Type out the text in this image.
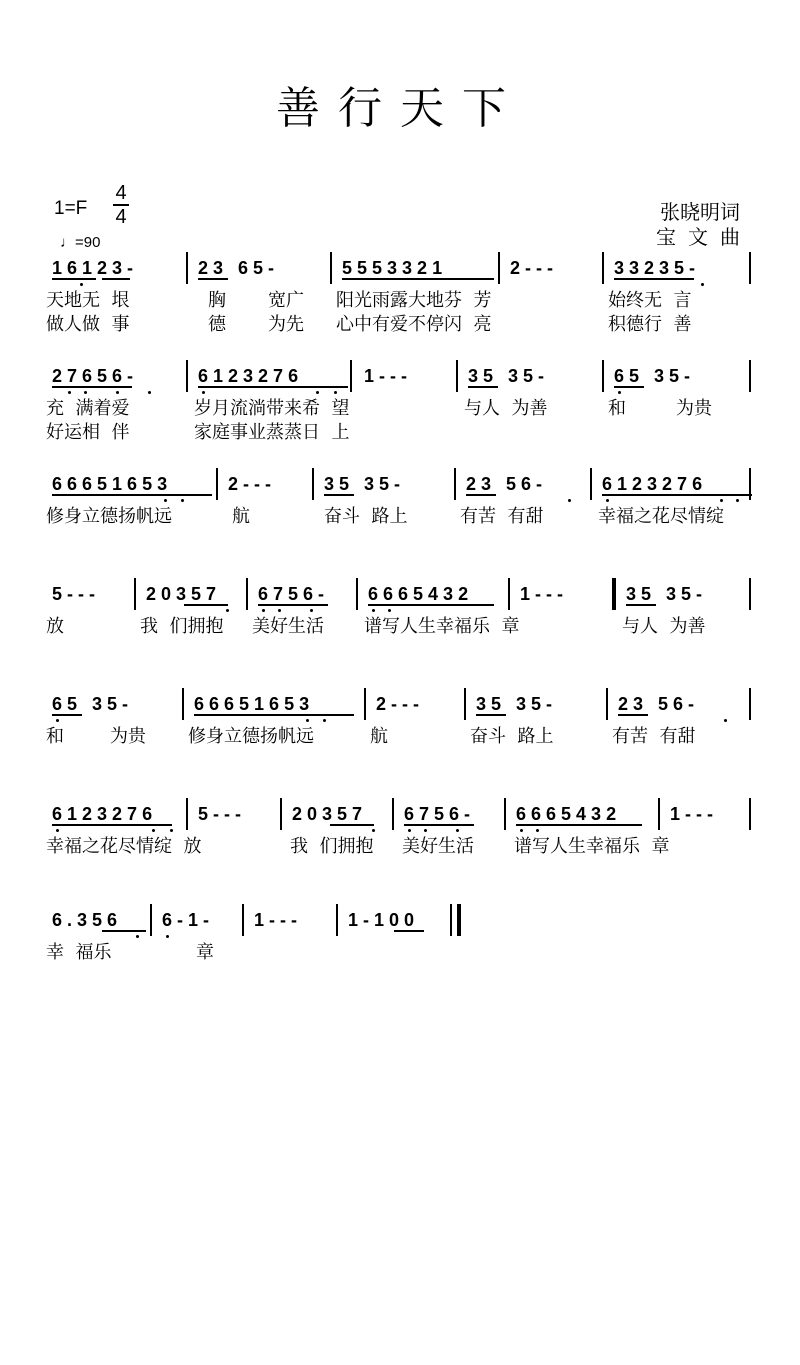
善行天下
1=F
4
4
♩=90
张晓明词
宝文曲

1 6 1 2 3 -

	2 3   6 5 -

	5 5 5 3 3 2 1

	2 - - -

	3 3 2 3 5 -

天地无  垠

	胸

宽广

阳光雨露大地芬  芳

	始终无  言

做人做  事

	德

为先

心中有爱不停闪  亮

	积德行  善

2 7 6 5 6 -

	6 1 2 3 2 7 6

	1 - - -

	3 5   3 5 -

	6 5   3 5 -

充  满着爱

	岁月流淌带来希  望

	与人  为善

	和

	为贵

好运相  伴

	家庭事业蒸蒸日  上

6 6 6 5 1 6 5 3

	2 - - -

	3 5   3 5 -

	2 3   5 6 -

	6 1 2 3 2 7 6

修身立德扬帆远

	航

	奋斗  路上

	有苦  有甜

	幸福之花尽情绽

5 - - -

	2 0 3 5 7

6 7 5 6 -

6 6 6 5 4 3 2

	1 - - -

	3 5   3 5 -

放

	我  们拥抱

美好生活

谱写人生幸福乐  章

	与人  为善

6 5   3 5 -

	6 6 6 5 1 6 5 3

	2 - - -

	3 5   3 5 -

	2 3   5 6 -

和

	为贵

修身立德扬帆远

	航

	奋斗  路上

	有苦  有甜

6 1 2 3 2 7 6

	5 - - -

	2 0 3 5 7

6 7 5 6 -

	6 6 6 5 4 3 2

	1 - - -

幸福之花尽情绽  放

	我  们拥抱

美好生活

谱写人生幸福乐  章

6 . 3 5 6

6 - 1 -

1 - - -

	1 - 1 0 0

幸  福乐

	章
